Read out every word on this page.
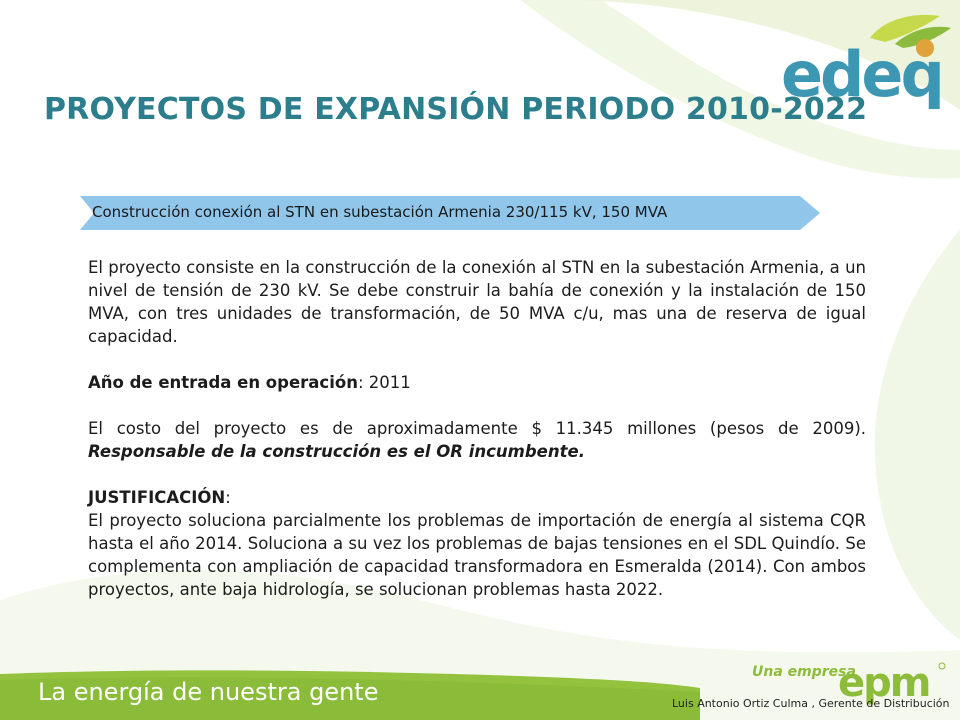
edeq
PROYECTOS DE EXPANSIÓN PERIODO 2010-2022
Construcción conexión al STN en subestación Armenia 230/115 kV, 150 MVA

El proyecto consiste en la construcción de la conexión al STN en la subestación Armenia, a un nivel de tensión de 230 kV. Se debe construir la bahía de conexión y la instalación de 150 MVA, con tres unidades de transformación, de 50 MVA c/u, mas una de reserva de igual capacidad.

Año de entrada en operación: 2011

El costo del proyecto es de aproximadamente $ 11.345 millones (pesos de 2009). Responsable de la construcción es el OR incumbente.

JUSTIFICACIÓN:

El proyecto soluciona parcialmente los problemas de importación de energía al sistema CQR hasta el año 2014. Soluciona a su vez los problemas de bajas tensiones en el SDL Quindío. Se complementa con ampliación de capacidad transformadora en Esmeralda (2014). Con ambos proyectos, ante baja hidrología, se solucionan problemas hasta 2022.

La energía de nuestra gente
Una empresa
epm
Luis Antonio Ortiz Culma , Gerente de Distribución
